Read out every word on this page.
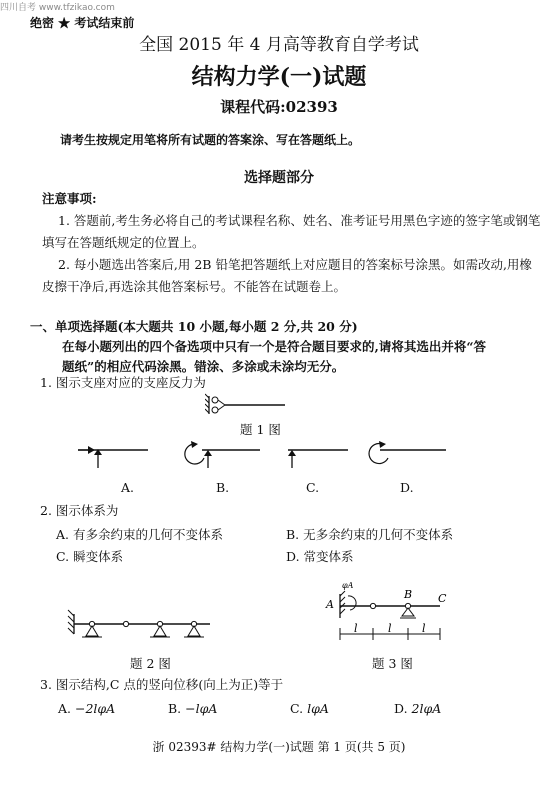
四川自考 www.tfzikao.com
绝密 ★ 考试结束前
全国 2015 年 4 月高等教育自学考试
结构力学(一)试题
课程代码:02393
请考生按规定用笔将所有试题的答案涂、写在答题纸上。
选择题部分
注意事项:
1. 答题前,考生务必将自己的考试课程名称、姓名、准考证号用黑色字迹的签字笔或钢笔
填写在答题纸规定的位置上。
2. 每小题选出答案后,用 2B 铅笔把答题纸上对应题目的答案标号涂黑。如需改动,用橡
皮擦干净后,再选涂其他答案标号。不能答在试题卷上。
一、单项选择题(本大题共 10 小题,每小题 2 分,共 20 分)
在每小题列出的四个备选项中只有一个是符合题目要求的,请将其选出并将“答
题纸”的相应代码涂黑。错涂、多涂或未涂均无分。
1. 图示支座对应的支座反力为
题 1 图
A.	B.	C.	D.
2. 图示体系为
A. 有多余约束的几何不变体系	B. 无多余约束的几何不变体系
C. 瞬变体系	D. 常变体系
题 2 图
A
φA
B C
l	l	l
题 3 图
3. 图示结构,C 点的竖向位移(向上为正)等于
A. −2lφA	B. −lφA	C. lφA	D. 2lφA
浙 02393# 结构力学(一)试题 第 1 页(共 5 页)
